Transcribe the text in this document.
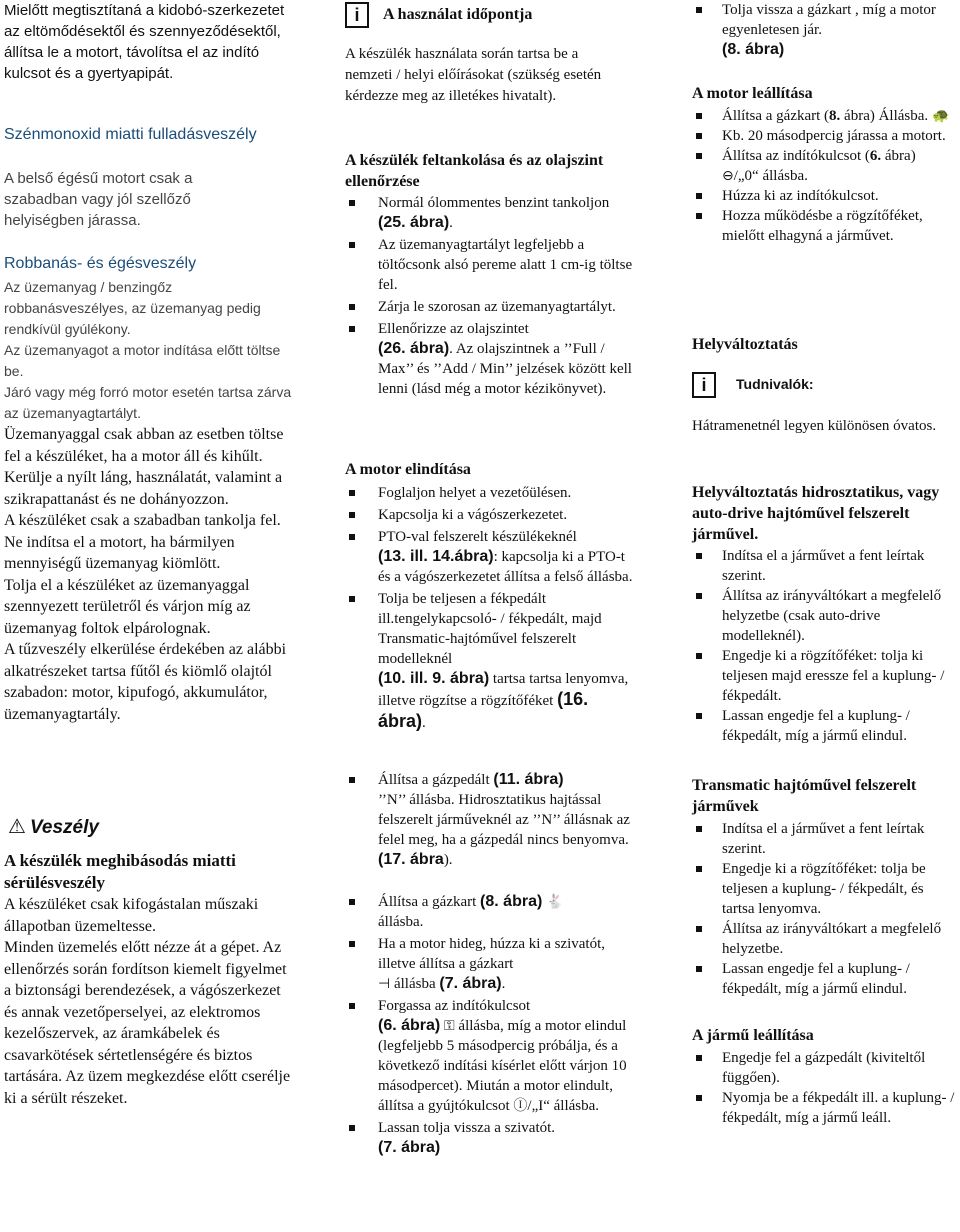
Mielőtt megtisztítaná a kidobó-szerkezetet az eltömődésektől és szennyeződésektől, állítsa le a motort, távolítsa el az indító kulcsot és a gyertyapipát.

Szénmonoxid miatti fulladásveszély

A belső égésű motort csak a szabadban vagy jól szellőző helyiségben járassa.

Robbanás- és égésveszély

Az üzemanyag / benzingőz robbanásveszélyes, az üzemanyag pedig rendkívül gyúlékony.

Az üzemanyagot a motor indítása előtt töltse be.

Járó vagy még forró motor esetén tartsa zárva az üzemanyagtartályt.

Üzemanyaggal csak abban az esetben töltse fel a készüléket, ha a motor áll és kihűlt. Kerülje a nyílt láng, használatát, valamint a szikrapattanást és ne dohányozzon.

A készüléket csak a szabadban tankolja fel.

Ne indítsa el a motort, ha bármilyen mennyiségű üzemanyag kiömlött.

Tolja el a készüléket az üzemanyaggal szennyezett területről és várjon míg az üzemanyag foltok elpárolognak.

A tűzveszély elkerülése érdekében az alábbi alkatrészeket tartsa fűtől és kiömlő olajtól szabadon: motor, kipufogó, akkumulátor, üzemanyagtartály.

⚠ Veszély

A készülék meghibásodás miatti sérülésveszély

A készüléket csak kifogástalan műszaki állapotban üzemeltesse.

Minden üzemelés előtt nézze át a gépet. Az ellenőrzés során fordítson kiemelt figyelmet a biztonsági berendezések, a vágószerkezet és annak vezetőperselyei, az elektromos kezelőszervek, az áramkábelek és csavarkötések sértetlenségére és biztos tartására. Az üzem megkezdése előtt cserélje ki a sérült részeket.

i A használat időpontja

A készülék használata során tartsa be a nemzeti / helyi előírásokat (szükség esetén kérdezze meg az illetékes hivatalt).

A készülék feltankolása és az olajszint ellenőrzése

Normál ólommentes benzint tankoljon (25. ábra).
Az üzemanyagtartályt legfeljebb a töltőcsonk alsó pereme alatt 1 cm-ig töltse fel.
Zárja le szorosan az üzemanyagtartályt.
Ellenőrizze az olajszintet
(26. ábra). Az olajszintnek a ’’Full / Max’’ és ’’Add / Min’’ jelzések között kell lenni (lásd még a motor kézikönyvet).

A motor elindítása

Foglaljon helyet a vezetőülésen.
Kapcsolja ki a vágószerkezetet.
PTO-val felszerelt készülékeknél
(13. ill. 14.ábra): kapcsolja ki a PTO-t és a vágószerkezetet állítsa a felső állásba.
Tolja be teljesen a fékpedált ill.tengelykapcsoló- / fékpedált, majd Transmatic-hajtóművel felszerelt modelleknél
(10. ill. 9. ábra) tartsa tartsa lenyomva, illetve rögzítse a rögzítőféket (16. ábra).
Állítsa a gázpedált (11. ábra)
’’N’’ állásba. Hidrosztatikus hajtással felszerelt járműveknél az ’’N’’ állásnak az felel meg, ha a gázpedál nincs benyomva.
(17. ábra).
Állítsa a gázkart (8. ábra) 🐇
állásba.
Ha a motor hideg, húzza ki a szivatót, illetve állítsa a gázkart
⊣ állásba (7. ábra).
Forgassa az indítókulcsot
(6. ábra) ⚿ állásba, míg a motor elindul (legfeljebb 5 másodpercig próbálja, és a következő indítási kísérlet előtt várjon 10 másodpercet). Miután a motor elindult, állítsa a gyújtókulcsot Ⓘ/„I“ állásba.
Lassan tolja vissza a szivatót.
(7. ábra)
Tolja vissza a gázkart , míg a motor egyenletesen jár.
(8. ábra)

A motor leállítása

Állítsa a gázkart (8. ábra) Állásba. 🐢
Kb. 20 másodpercig járassa a motort.
Állítsa az indítókulcsot (6. ábra)
⊖/„0“ állásba.
Húzza ki az indítókulcsot.
Hozza működésbe a rögzítőféket, mielőtt elhagyná a járművet.

Helyváltoztatás

i Tudnivalók:

Hátramenetnél legyen különösen óvatos.

Helyváltoztatás hidrosztatikus, vagy auto-drive hajtóművel felszerelt járművel.

Indítsa el a járművet a fent leírtak szerint.
Állítsa az irányváltókart a megfelelő helyzetbe (csak auto-drive modelleknél).
Engedje ki a rögzítőféket: tolja ki teljesen majd eressze fel a kuplung- / fékpedált.
Lassan engedje fel a kuplung- / fékpedált, míg a jármű elindul.

Transmatic hajtóművel felszerelt járművek

Indítsa el a járművet a fent leírtak szerint.
Engedje ki a rögzítőféket: tolja be teljesen a kuplung- / fékpedált, és tartsa lenyomva.
Állítsa az irányváltókart a megfelelő helyzetbe.
Lassan engedje fel a kuplung- / fékpedált, míg a jármű elindul.

A jármű leállítása

Engedje fel a gázpedált (kiviteltől függően).
Nyomja be a fékpedált ill. a kuplung- / fékpedált, míg a jármű leáll.
